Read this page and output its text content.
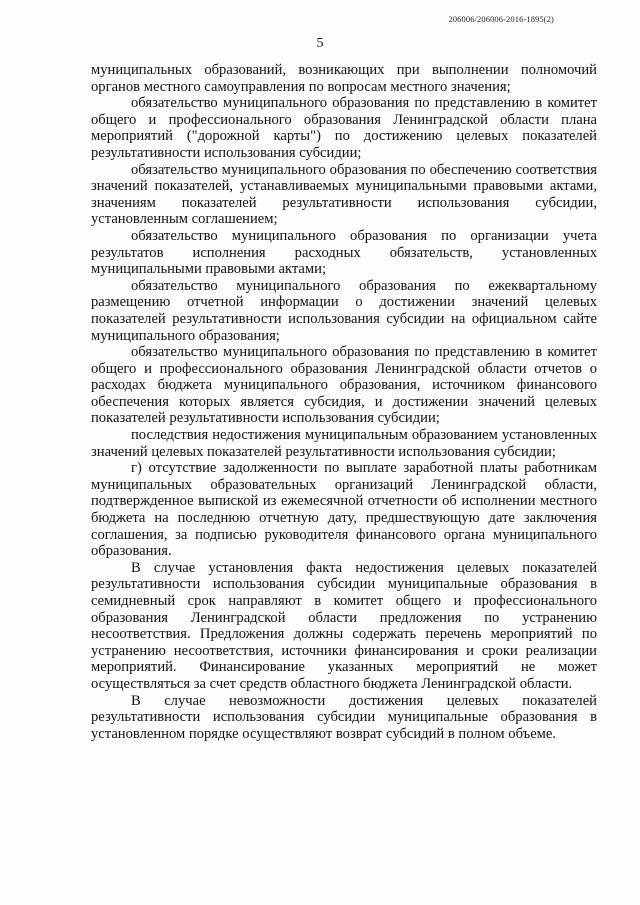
206006/206006-2016-1895(2)
5

муниципальных образований, возникающих при выполнении полномочий органов местного самоуправления по вопросам местного значения;

обязательство муниципального образования по представлению в комитет общего и профессионального образования Ленинградской области плана мероприятий ("дорожной карты") по достижению целевых показателей результативности использования субсидии;

обязательство муниципального образования по обеспечению соответствия значений показателей, устанавливаемых муниципальными правовыми актами, значениям показателей результативности использования субсидии, установленным соглашением;

обязательство муниципального образования по организации учета результатов исполнения расходных обязательств, установленных муниципальными правовыми актами;

обязательство муниципального образования по ежеквартальному размещению отчетной информации о достижении значений целевых показателей результативности использования субсидии на официальном сайте муниципального образования;

обязательство муниципального образования по представлению в комитет общего и профессионального образования Ленинградской области отчетов о расходах бюджета муниципального образования, источником финансового обеспечения которых является субсидия, и достижении значений целевых показателей результативности использования субсидии;

последствия недостижения муниципальным образованием установленных значений целевых показателей результативности использования субсидии;

г) отсутствие задолженности по выплате заработной платы работникам муниципальных образовательных организаций Ленинградской области, подтвержденное выпиской из ежемесячной отчетности об исполнении местного бюджета на последнюю отчетную дату, предшествующую дате заключения соглашения, за подписью руководителя финансового органа муниципального образования.

В случае установления факта недостижения целевых показателей результативности использования субсидии муниципальные образования в семидневный срок направляют в комитет общего и профессионального образования Ленинградской области предложения по устранению несоответствия. Предложения должны содержать перечень мероприятий по устранению несоответствия, источники финансирования и сроки реализации мероприятий. Финансирование указанных мероприятий не может осуществляться за счет средств областного бюджета Ленинградской области.

В случае невозможности достижения целевых показателей результативности использования субсидии муниципальные образования в установленном порядке осуществляют возврат субсидий в полном объеме.
